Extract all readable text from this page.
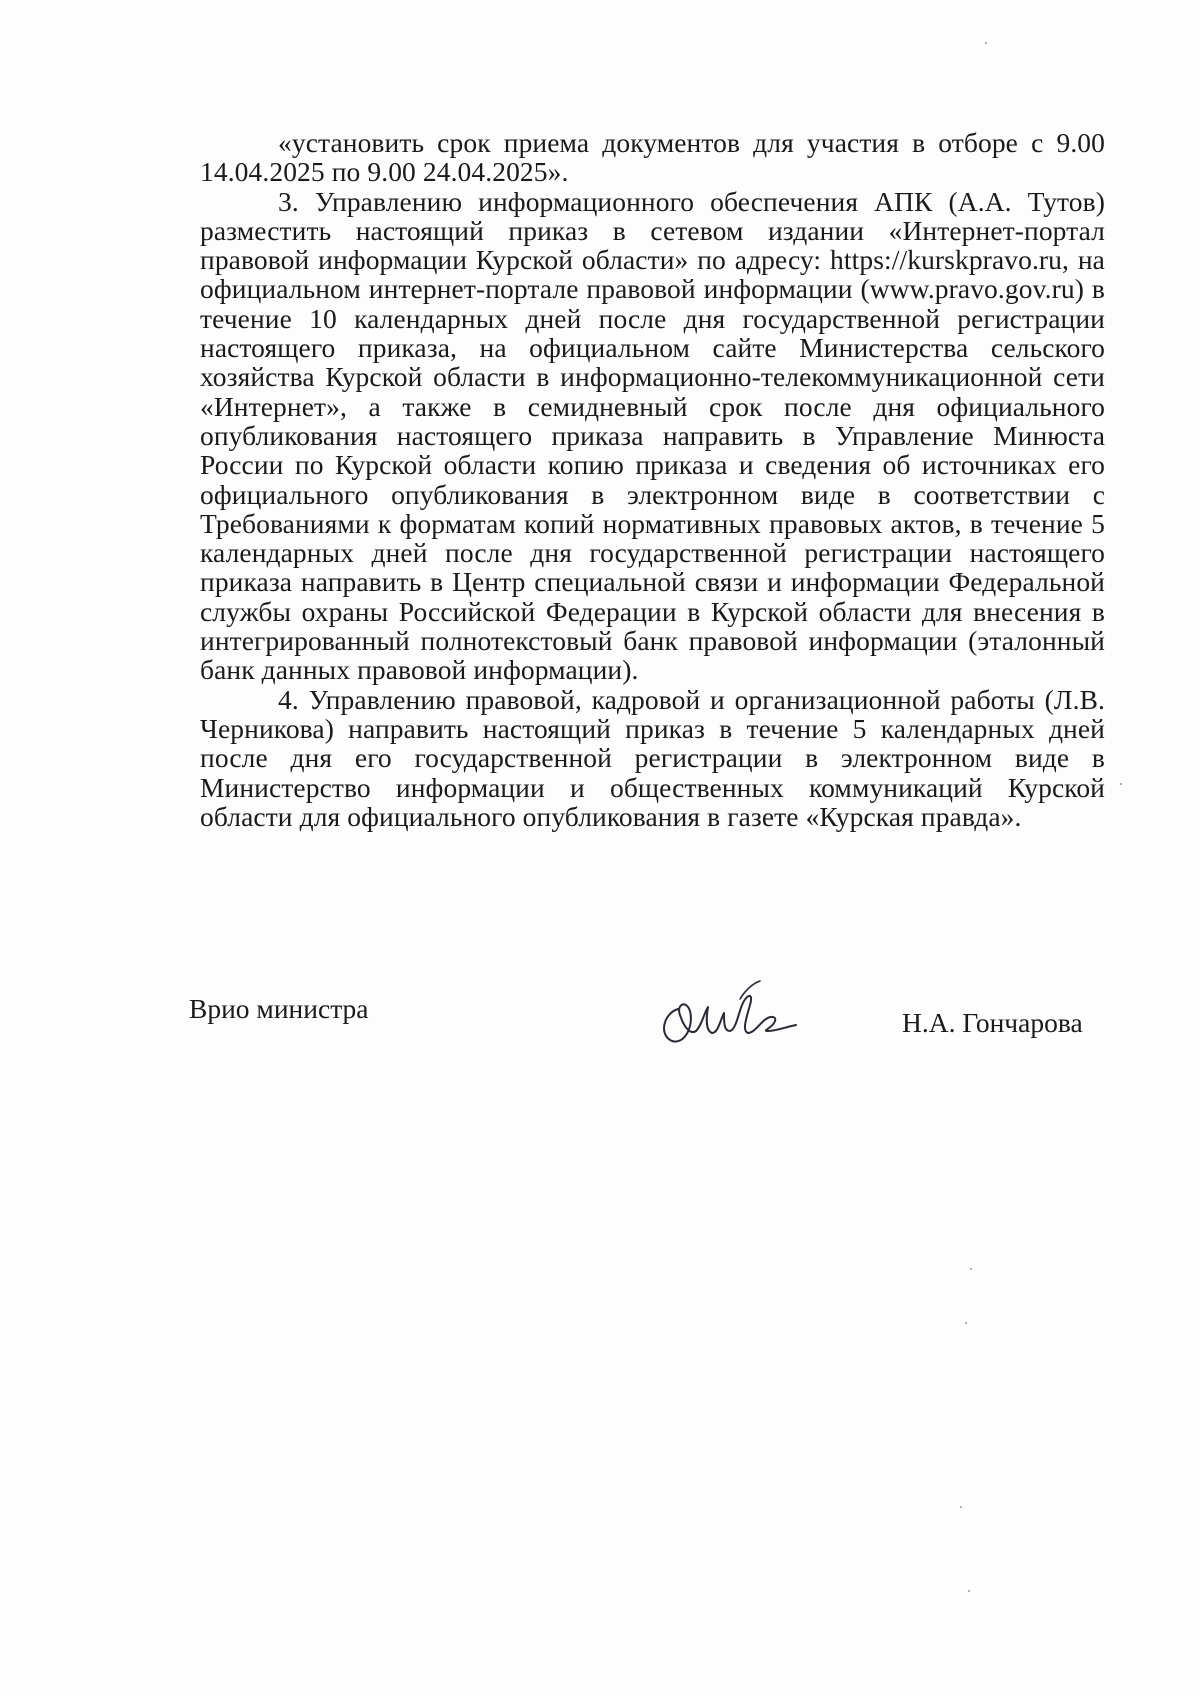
«установить срок приема документов для участия в отборе с 9.00 14.04.2025 по 9.00 24.04.2025».

3. Управлению информационного обеспечения АПК (А.А. Тутов) разместить настоящий приказ в сетевом издании «Интернет-портал правовой информации Курской области» по адресу: https://kurskpravo.ru, на официальном интернет-портале правовой информации (www.pravo.gov.ru) в течение 10 календарных дней после дня государственной регистрации настоящего приказа, на официальном сайте Министерства сельского хозяйства Курской области в информационно-телекоммуникационной сети «Интернет», а также в семидневный срок после дня официального опубликования настоящего приказа направить в Управление Минюста России по Курской области копию приказа и сведения об источниках его официального опубликования в электронном виде в соответствии с Требованиями к форматам копий нормативных правовых актов, в течение 5 календарных дней после дня государственной регистрации настоящего приказа направить в Центр специальной связи и информации Федеральной службы охраны Российской Федерации в Курской области для внесения в интегрированный полнотекстовый банк правовой информации (эталонный банк данных правовой информации).

4. Управлению правовой, кадровой и организационной работы (Л.В. Черникова) направить настоящий приказ в течение 5 календарных дней после дня его государственной регистрации в электронном виде в Министерство информации и общественных коммуникаций Курской области для официального опубликования в газете «Курская правда».

Врио министра	Н.А. Гончарова
